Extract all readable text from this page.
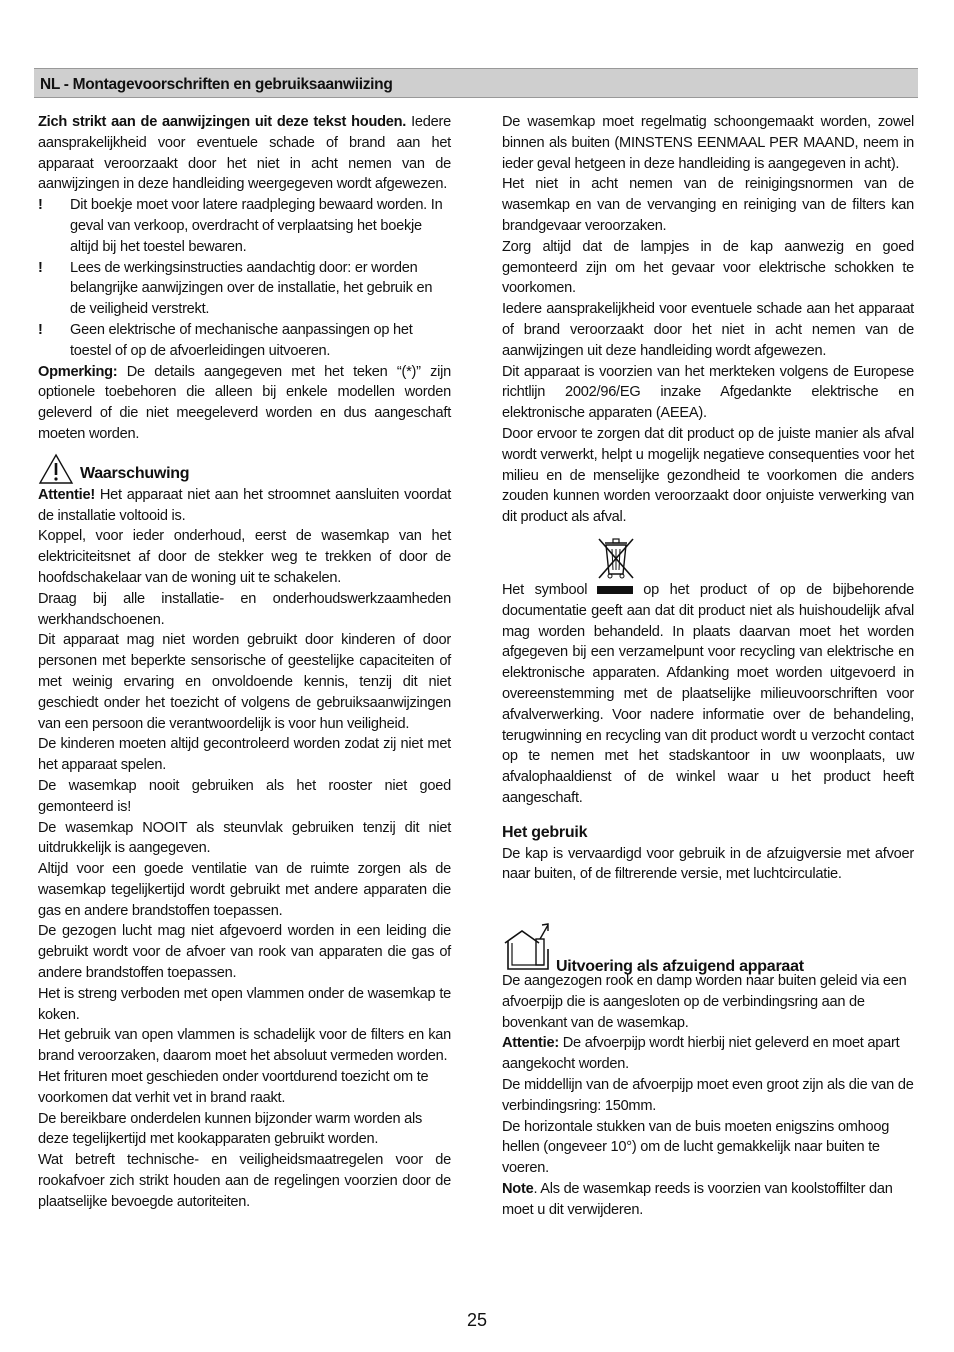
NL - Montagevoorschriften en gebruiksaanwiizing

Zich strikt aan de aanwijzingen uit deze tekst houden. Iedere aansprakelijkheid voor eventuele schade of brand aan het apparaat veroorzaakt door het niet in acht nemen van de aanwijzingen in deze handleiding weergegeven wordt afgewezen.

! Dit boekje moet voor latere raadpleging bewaard worden. In geval van verkoop, overdracht of verplaatsing het boekje altijd bij het toestel bewaren.

! Lees de werkingsinstructies aandachtig door: er worden belangrijke aanwijzingen over de installatie, het gebruik en de veiligheid verstrekt.

! Geen elektrische of mechanische aanpassingen op het toestel of op de afvoerleidingen uitvoeren.

Opmerking: De details aangegeven met het teken “(*)” zijn optionele toebehoren die alleen bij enkele modellen worden geleverd of die niet meegeleverd worden en dus aangeschaft moeten worden.

Waarschuwing

Attentie! Het apparaat niet aan het stroomnet aansluiten voordat de installatie voltooid is.

Koppel, voor ieder onderhoud, eerst de wasemkap van het elektriciteitsnet af door de stekker weg te trekken of door de hoofdschakelaar van de woning uit te schakelen.

Draag bij alle installatie- en onderhoudswerkzaamheden werkhandschoenen.

Dit apparaat mag niet worden gebruikt door kinderen of door personen met beperkte sensorische of geestelijke capaciteiten of met weinig ervaring en onvoldoende kennis, tenzij dit niet geschiedt onder het toezicht of volgens de gebruiksaanwijzingen van een persoon die verantwoordelijk is voor hun veiligheid.

De kinderen moeten altijd gecontroleerd worden zodat zij niet met het apparaat spelen.

De wasemkap nooit gebruiken als het rooster niet goed gemonteerd is!

De wasemkap NOOIT als steunvlak gebruiken tenzij dit niet uitdrukkelijk is aangegeven.

Altijd voor een goede ventilatie van de ruimte zorgen als de wasemkap tegelijkertijd wordt gebruikt met andere apparaten die gas en andere brandstoffen toepassen.

De gezogen lucht mag niet afgevoerd worden in een leiding die gebruikt wordt voor de afvoer van rook van apparaten die gas of andere brandstoffen toepassen.

Het is streng verboden met open vlammen onder de wasemkap te koken.

Het gebruik van open vlammen is schadelijk voor de filters en kan brand veroorzaken, daarom moet het absoluut vermeden worden.

Het frituren moet geschieden onder voortdurend toezicht om te voorkomen dat verhit vet in brand raakt.

De bereikbare onderdelen kunnen bijzonder warm worden als deze tegelijkertijd met kookapparaten gebruikt worden.

Wat betreft technische- en veiligheidsmaatregelen voor de rookafvoer zich strikt houden aan de regelingen voorzien door de plaatselijke bevoegde autoriteiten.

De wasemkap moet regelmatig schoongemaakt worden, zowel binnen als buiten (MINSTENS EENMAAL PER MAAND, neem in ieder geval hetgeen in deze handleiding is aangegeven in acht).

Het niet in acht nemen van de reinigingsnormen van de wasemkap en van de vervanging en reiniging van de filters kan brandgevaar veroorzaken.

Zorg altijd dat de lampjes in de kap aanwezig en goed gemonteerd zijn om het gevaar voor elektrische schokken te voorkomen.

Iedere aansprakelijkheid voor eventuele schade aan het apparaat of brand veroorzaakt door het niet in acht nemen van de aanwijzingen uit deze handleiding wordt afgewezen.

Dit apparaat is voorzien van het merkteken volgens de Europese richtlijn 2002/96/EG inzake Afgedankte elektrische en elektronische apparaten (AEEA).

Door ervoor te zorgen dat dit product op de juiste manier als afval wordt verwerkt, helpt u mogelijk negatieve consequenties voor het milieu en de menselijke gezondheid te voorkomen die anders zouden kunnen worden veroorzaakt door onjuiste verwerking van dit product als afval.

Het symbool	op het product of op de bijbehorende documentatie geeft aan dat dit product niet als huishoudelijk afval mag worden behandeld. In plaats daarvan moet het worden afgegeven bij een verzamelpunt voor recycling van elektrische en elektronische apparaten. Afdanking moet worden uitgevoerd in overeenstemming met de plaatselijke milieuvoorschriften voor afvalverwerking. Voor nadere informatie over de behandeling, terugwinning en recycling van dit product wordt u verzocht contact op te nemen met het stadskantoor in uw woonplaats, uw afvalophaaldienst of de winkel waar u het product heeft aangeschaft.

Het gebruik

De kap is vervaardigd voor gebruik in de afzuigversie met afvoer naar buiten, of de filtrerende versie, met luchtcirculatie.

Uitvoering als afzuigend apparaat

De aangezogen rook en damp worden naar buiten geleid via een afvoerpijp die is aangesloten op de verbindingsring aan de bovenkant van de wasemkap.

Attentie: De afvoerpijp wordt hierbij niet geleverd en moet apart aangekocht worden.

De middellijn van de afvoerpijp moet even groot zijn als die van de verbindingsring: 150mm.

De horizontale stukken van de buis moeten enigszins omhoog hellen (ongeveer 10°) om de lucht gemakkelijk naar buiten te voeren.

Note. Als de wasemkap reeds is voorzien van koolstoffilter dan moet u dit verwijderen.

25
